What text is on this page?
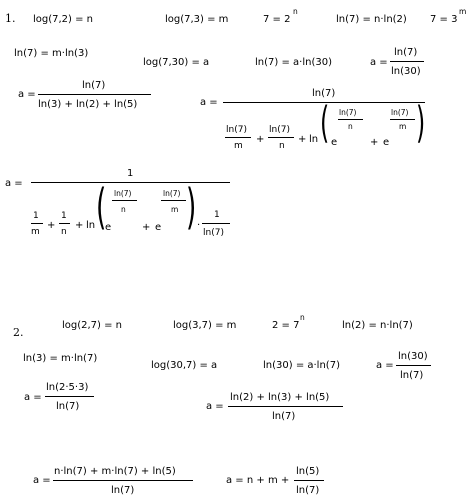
1. log(7,2) = n	log(7,3) = m	7 = 2
n
ln(7) = n·ln(2) 7 = 3
m
ln(7) = m·ln(3)
log(7,30) = a	ln(7) = a·ln(30)	a =
ln(7)
ln(30)
a =
ln(7)
ln(3) + ln(2) + ln(5)	a =
ln(7)
ln(7)
m
+
ln(7)
n
+ ln ( e
ln(7)
n
+ e
ln(7)
m )
a =
1
1
m
+
1
n
+ ln (
e
ln(7)
n
+ e
ln(7)
m ) ·
1
ln(7)
2.
log(2,7) = n	log(3,7) = m	2 = 7
n
ln(2) = n·ln(7)
ln(3) = m·ln(7)
log(30,7) = a	ln(30) = a·ln(7)	a =
ln(30)
ln(7)
a =
ln(2·5·3)
ln(7)	a =
ln(2) + ln(3) + ln(5)
ln(7)
a =
n·ln(7) + m·ln(7) + ln(5)
ln(7)
a = n + m +
ln(5)
ln(7)
